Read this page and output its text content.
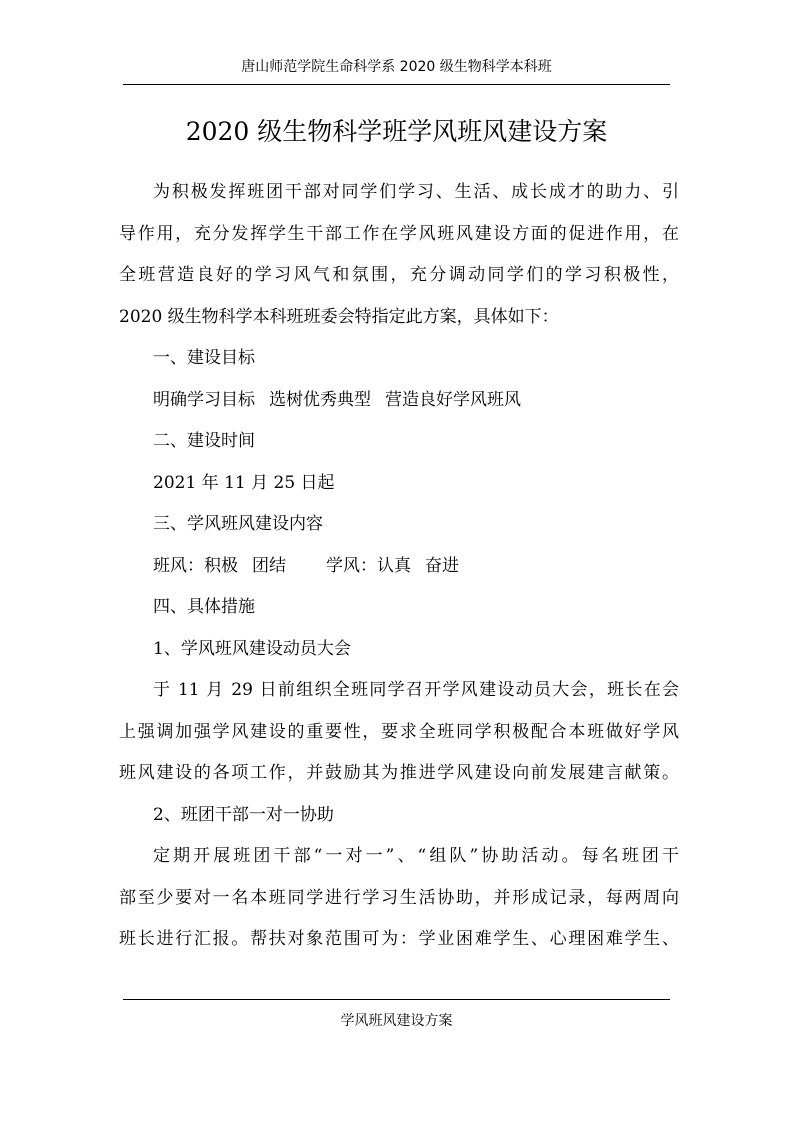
唐山师范学院生命科学系 2020 级生物科学本科班
2020 级生物科学班学风班风建设方案

为积极发挥班团干部对同学们学习、生活、成长成才的助力、引

导作用，充分发挥学生干部工作在学风班风建设方面的促进作用，在

全班营造良好的学习风气和氛围，充分调动同学们的学习积极性，

2020 级生物科学本科班班委会特指定此方案，具体如下：

一、建设目标

明确学习目标 选树优秀典型 营造良好学风班风

二、建设时间

2021 年 11 月 25 日起

三、学风班风建设内容

班风：积极 团结 学风：认真 奋进

四、具体措施

1、学风班风建设动员大会

于 11 月 29 日前组织全班同学召开学风建设动员大会，班长在会

上强调加强学风建设的重要性，要求全班同学积极配合本班做好学风

班风建设的各项工作，并鼓励其为推进学风建设向前发展建言献策。

2、班团干部一对一协助

定期开展班团干部“一对一”、“组队”协助活动。每名班团干

部至少要对一名本班同学进行学习生活协助，并形成记录，每两周向

班长进行汇报。帮扶对象范围可为：学业困难学生、心理困难学生、

学风班风建设方案
